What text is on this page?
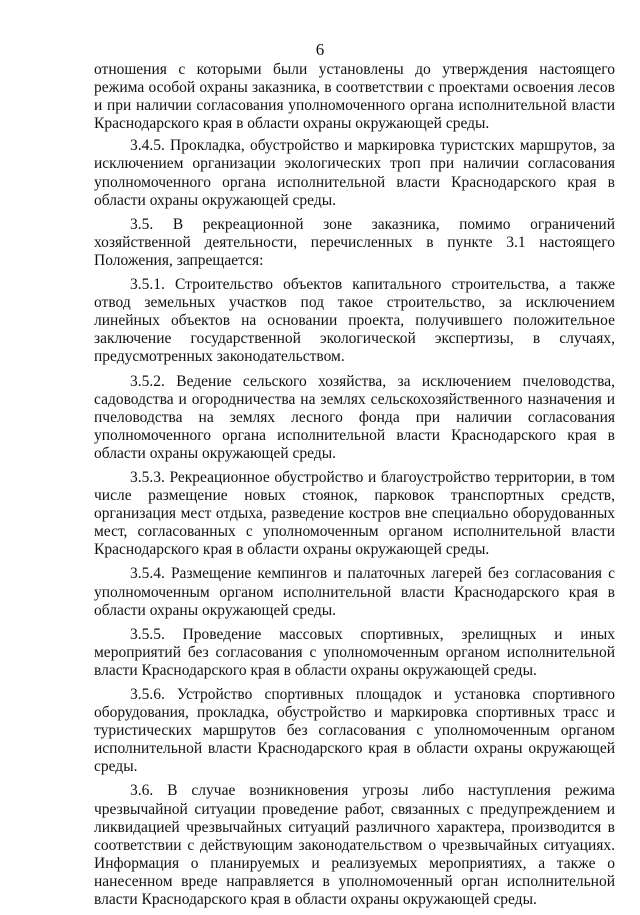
6

отношения с которыми были установлены до утверждения настоящего режима особой охраны заказника, в соответствии с проектами освоения лесов и при наличии согласования уполномоченного органа исполнительной власти Краснодарского края в области охраны окружающей среды.

3.4.5. Прокладка, обустройство и маркировка туристских маршрутов, за исключением организации экологических троп при наличии согласования уполномоченного органа исполнительной власти Краснодарского края в области охраны окружающей среды.

3.5. В рекреационной зоне заказника, помимо ограничений хозяйственной деятельности, перечисленных в пункте 3.1 настоящего Положения, запрещается:

3.5.1. Строительство объектов капитального строительства, а также отвод земельных участков под такое строительство, за исключением линейных объектов на основании проекта, получившего положительное заключение государственной экологической экспертизы, в случаях, предусмотренных законодательством.

3.5.2. Ведение сельского хозяйства, за исключением пчеловодства, садоводства и огородничества на землях сельскохозяйственного назначения и пчеловодства на землях лесного фонда при наличии согласования уполномоченного органа исполнительной власти Краснодарского края в области охраны окружающей среды.

3.5.3. Рекреационное обустройство и благоустройство территории, в том числе размещение новых стоянок, парковок транспортных средств, организация мест отдыха, разведение костров вне специально оборудованных мест, согласованных с уполномоченным органом исполнительной власти Краснодарского края в области охраны окружающей среды.

3.5.4. Размещение кемпингов и палаточных лагерей без согласования с уполномоченным органом исполнительной власти Краснодарского края в области охраны окружающей среды.

3.5.5. Проведение массовых спортивных, зрелищных и иных мероприятий без согласования с уполномоченным органом исполнительной власти Краснодарского края в области охраны окружающей среды.

3.5.6. Устройство спортивных площадок и установка спортивного оборудования, прокладка, обустройство и маркировка спортивных трасс и туристических маршрутов без согласования с уполномоченным органом исполнительной власти Краснодарского края в области охраны окружающей среды.

3.6. В случае возникновения угрозы либо наступления режима чрезвычайной ситуации проведение работ, связанных с предупреждением и ликвидацией чрезвычайных ситуаций различного характера, производится в соответствии с действующим законодательством о чрезвычайных ситуациях. Информация о планируемых и реализуемых мероприятиях, а также о нанесенном вреде направляется в уполномоченный орган исполнительной власти Краснодарского края в области охраны окружающей среды.
